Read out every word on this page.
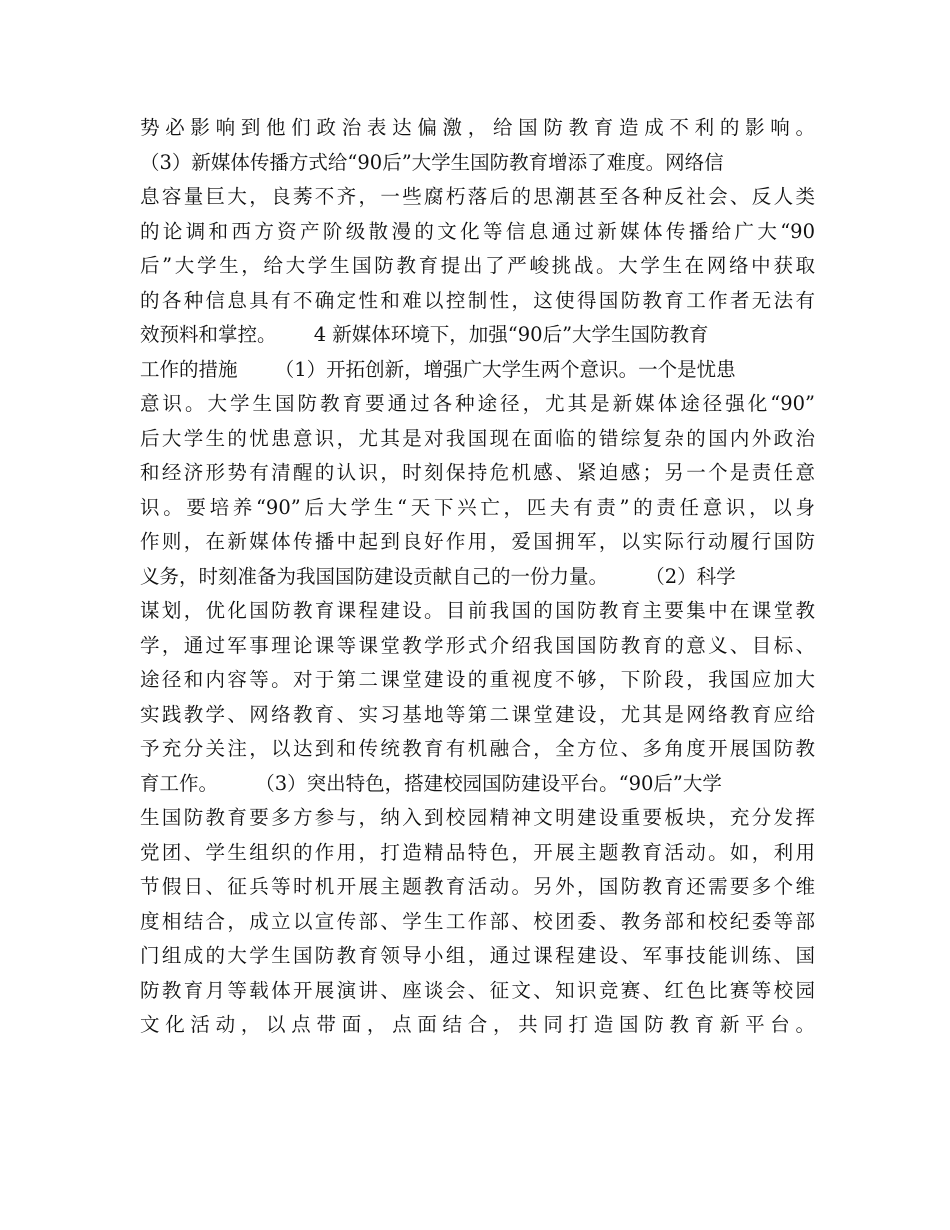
势必影响到他们政治表达偏激，给国防教育造成不利的影响。
（3）新媒体传播方式给“90后”大学生国防教育增添了难度。网络信
息容量巨大，良莠不齐，一些腐朽落后的思潮甚至各种反社会、反人类
的论调和西方资产阶级散漫的文化等信息通过新媒体传播给广大“90
后”大学生，给大学生国防教育提出了严峻挑战。大学生在网络中获取
的各种信息具有不确定性和难以控制性，这使得国防教育工作者无法有
效预料和掌控。      4 新媒体环境下，加强“90后”大学生国防教育
工作的措施      （1）开拓创新，增强广大学生两个意识。一个是忧患
意识。大学生国防教育要通过各种途径，尤其是新媒体途径强化“90”
后大学生的忧患意识，尤其是对我国现在面临的错综复杂的国内外政治
和经济形势有清醒的认识，时刻保持危机感、紧迫感；另一个是责任意
识。要培养“90”后大学生“天下兴亡，匹夫有责”的责任意识，以身
作则，在新媒体传播中起到良好作用，爱国拥军，以实际行动履行国防
义务，时刻准备为我国国防建设贡献自己的一份力量。      （2）科学
谋划，优化国防教育课程建设。目前我国的国防教育主要集中在课堂教
学，通过军事理论课等课堂教学形式介绍我国国防教育的意义、目标、
途径和内容等。对于第二课堂建设的重视度不够，下阶段，我国应加大
实践教学、网络教育、实习基地等第二课堂建设，尤其是网络教育应给
予充分关注，以达到和传统教育有机融合，全方位、多角度开展国防教
育工作。      （3）突出特色，搭建校园国防建设平台。“90后”大学
生国防教育要多方参与，纳入到校园精神文明建设重要板块，充分发挥
党团、学生组织的作用，打造精品特色，开展主题教育活动。如，利用
节假日、征兵等时机开展主题教育活动。另外，国防教育还需要多个维
度相结合，成立以宣传部、学生工作部、校团委、教务部和校纪委等部
门组成的大学生国防教育领导小组，通过课程建设、军事技能训练、国
防教育月等载体开展演讲、座谈会、征文、知识竞赛、红色比赛等校园
文化活动，以点带面，点面结合，共同打造国防教育新平台。
